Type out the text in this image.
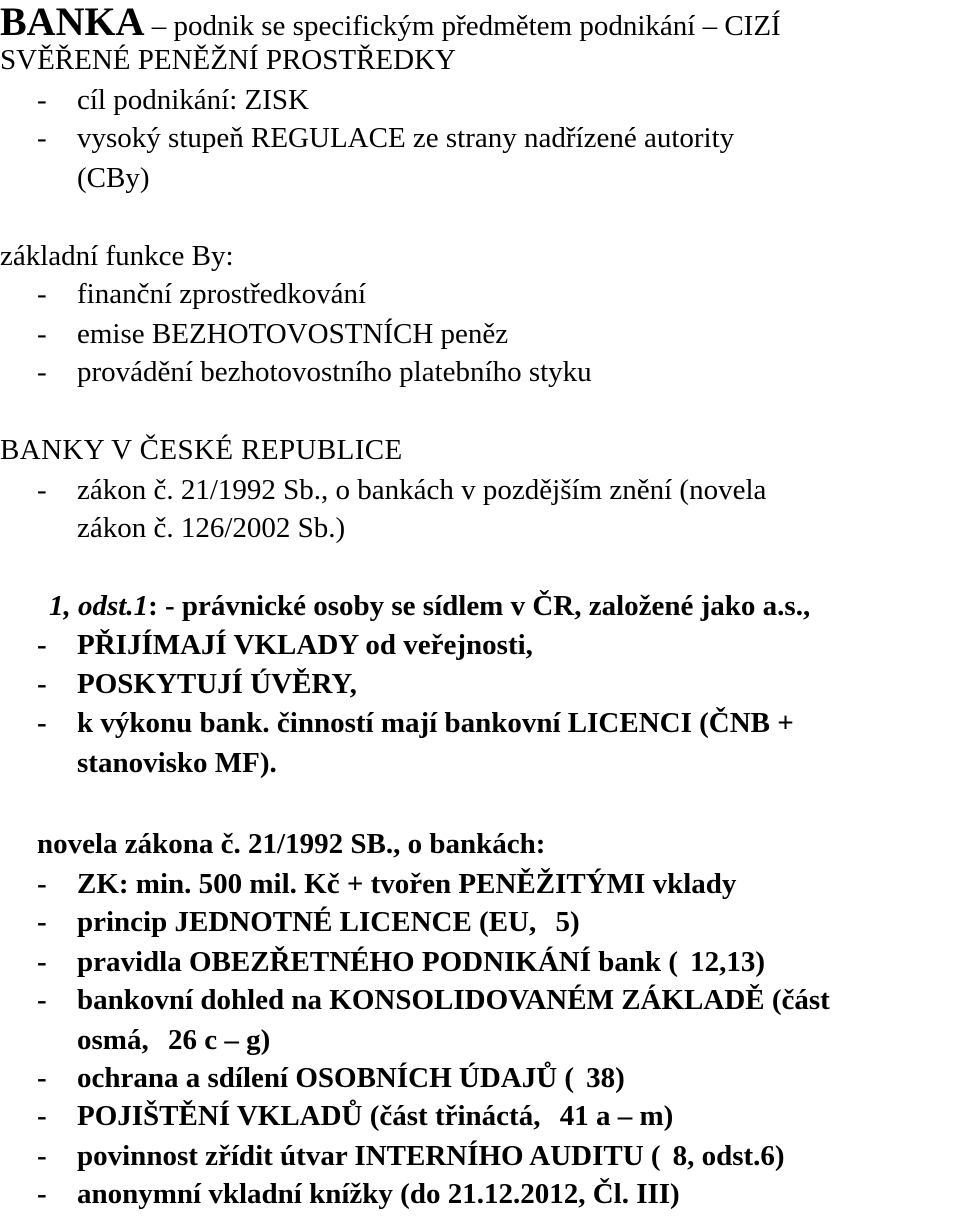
BANKA – podnik se specifickým předmětem podnikání – CIZÍ
SVĚŘENÉ PENĚŽNÍ PROSTŘEDKY
- cíl podnikání: ZISK
- vysoký stupeň REGULACE ze strany nadřízené autority
(CBy)
základní funkce By:
- finanční zprostředkování
- emise BEZHOTOVOSTNÍCH peněz
- provádění bezhotovostního platebního styku
BANKY V ČESKÉ REPUBLICE
- zákon č. 21/1992 Sb., o bankách v pozdějším znění (novela
zákon č. 126/2002 Sb.)
1, odst.1: - právnické osoby se sídlem v ČR, založené jako a.s.,
- PŘIJÍMAJÍ VKLADY od veřejnosti,
- POSKYTUJÍ ÚVĚRY,
- k výkonu bank. činností mají bankovní LICENCI (ČNB +
stanovisko MF).
novela zákona č. 21/1992 SB., o bankách:
- ZK: min. 500 mil. Kč + tvořen PENĚŽITÝMI vklady
- princip JEDNOTNÉ LICENCE (EU, 5)
- pravidla OBEZŘETNÉHO PODNIKÁNÍ bank ( 12,13)
- bankovní dohled na KONSOLIDOVANÉM ZÁKLADĚ (část
osmá, 26 c – g)
- ochrana a sdílení OSOBNÍCH ÚDAJŮ ( 38)
- POJIŠTĚNÍ VKLADŮ (část třináctá, 41 a – m)
- povinnost zřídit útvar INTERNÍHO AUDITU ( 8, odst.6)
- anonymní vkladní knížky (do 21.12.2012, Čl. III)
